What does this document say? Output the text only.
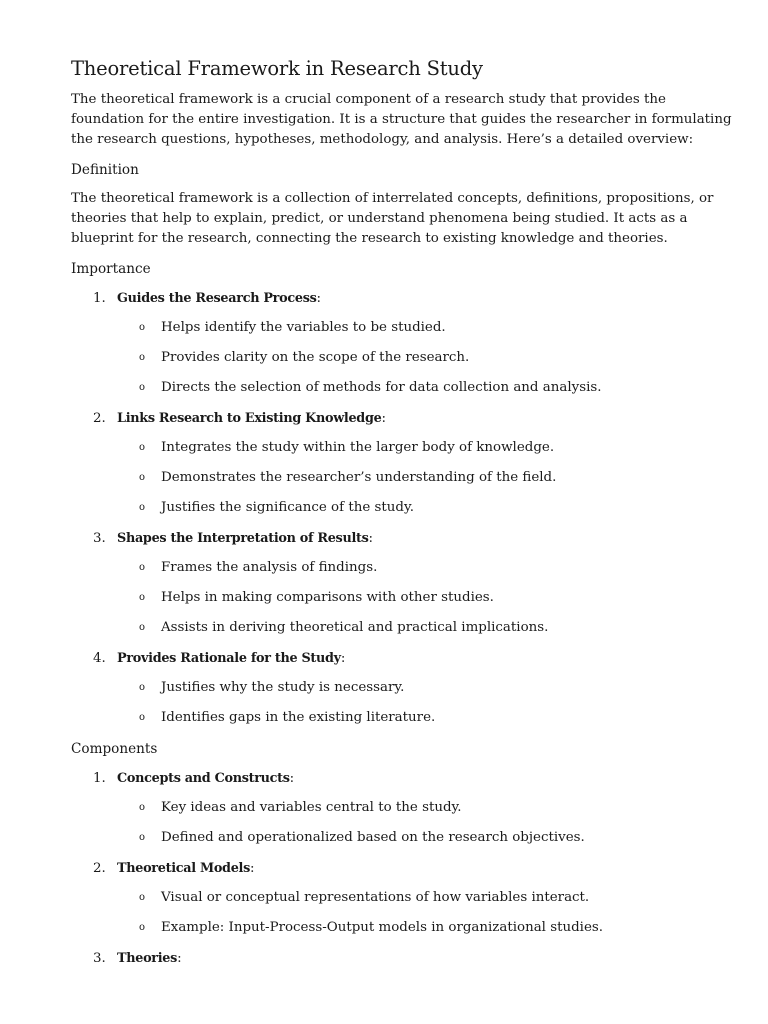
Theoretical Framework in Research Study

The theoretical framework is a crucial component of a research study that provides the
foundation for the entire investigation. It is a structure that guides the researcher in formulating
the research questions, hypotheses, methodology, and analysis. Here’s a detailed overview:

Definition

The theoretical framework is a collection of interrelated concepts, definitions, propositions, or
theories that help to explain, predict, or understand phenomena being studied. It acts as a
blueprint for the research, connecting the research to existing knowledge and theories.

Importance
1. Guides the Research Process:
o Helps identify the variables to be studied.
o Provides clarity on the scope of the research.
o Directs the selection of methods for data collection and analysis.
2. Links Research to Existing Knowledge:
o Integrates the study within the larger body of knowledge.
o Demonstrates the researcher’s understanding of the field.
o Justifies the significance of the study.
3. Shapes the Interpretation of Results:
o Frames the analysis of findings.
o Helps in making comparisons with other studies.
o Assists in deriving theoretical and practical implications.
4. Provides Rationale for the Study:
o Justifies why the study is necessary.
o Identifies gaps in the existing literature.
Components
1. Concepts and Constructs:
o Key ideas and variables central to the study.
o Defined and operationalized based on the research objectives.
2. Theoretical Models:
o Visual or conceptual representations of how variables interact.
o Example: Input-Process-Output models in organizational studies.
3. Theories:
